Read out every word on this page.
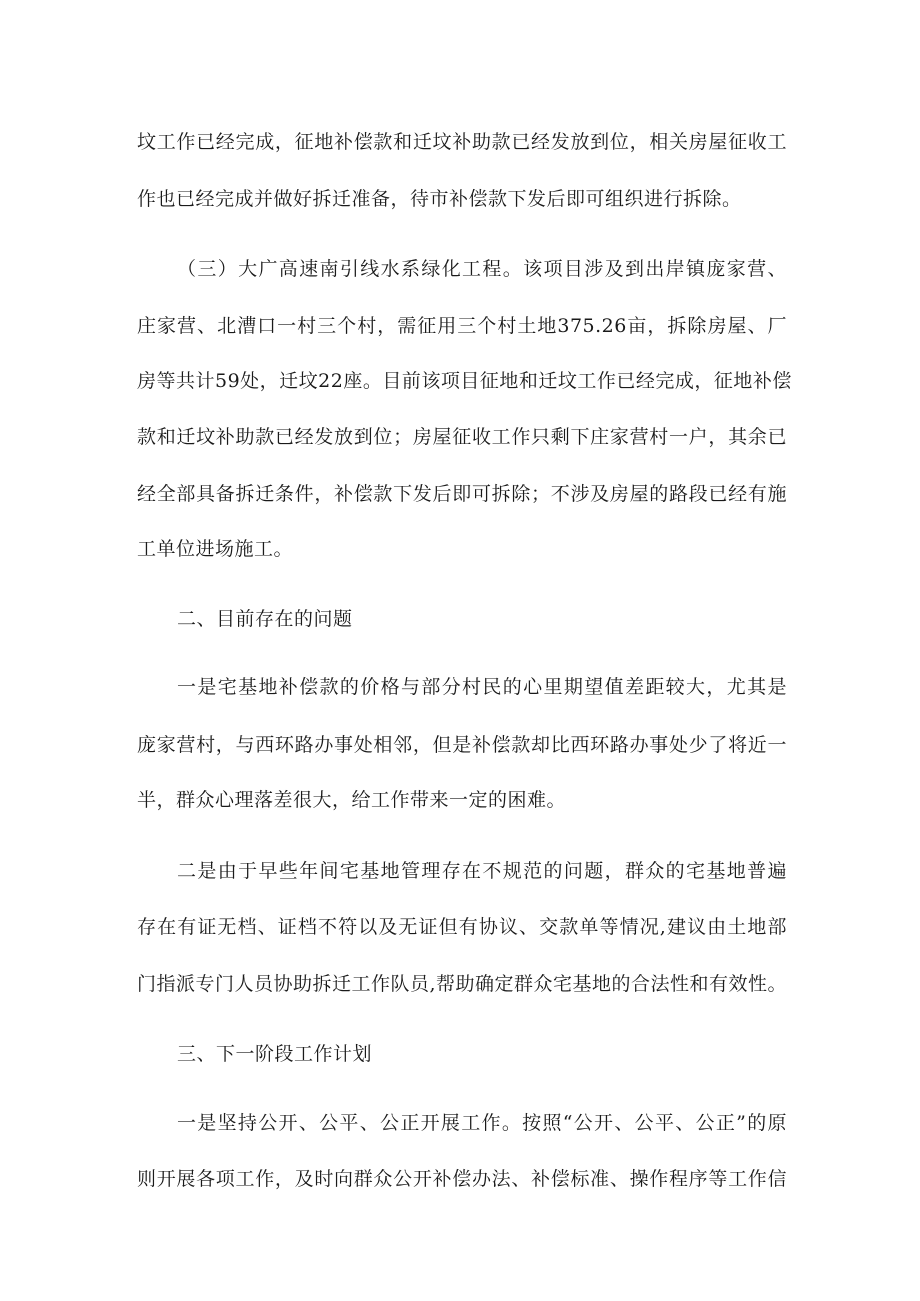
坟工作已经完成，征地补偿款和迁坟补助款已经发放到位，相关房屋征收工
作也已经完成并做好拆迁准备，待市补偿款下发后即可组织进行拆除。
（三）大广高速南引线水系绿化工程。该项目涉及到出岸镇庞家营、
庄家营、北漕口一村三个村，需征用三个村土地375.26亩，拆除房屋、厂
房等共计59处，迁坟22座。目前该项目征地和迁坟工作已经完成，征地补偿
款和迁坟补助款已经发放到位；房屋征收工作只剩下庄家营村一户，其余已
经全部具备拆迁条件，补偿款下发后即可拆除；不涉及房屋的路段已经有施
工单位进场施工。
二、目前存在的问题
一是宅基地补偿款的价格与部分村民的心里期望值差距较大，尤其是
庞家营村，与西环路办事处相邻，但是补偿款却比西环路办事处少了将近一
半，群众心理落差很大，给工作带来一定的困难。
二是由于早些年间宅基地管理存在不规范的问题，群众的宅基地普遍
存在有证无档、证档不符以及无证但有协议、交款单等情况,建议由土地部
门指派专门人员协助拆迁工作队员,帮助确定群众宅基地的合法性和有效性。
三、下一阶段工作计划
一是坚持公开、公平、公正开展工作。按照“公开、公平、公正”的原
则开展各项工作，及时向群众公开补偿办法、补偿标准、操作程序等工作信
